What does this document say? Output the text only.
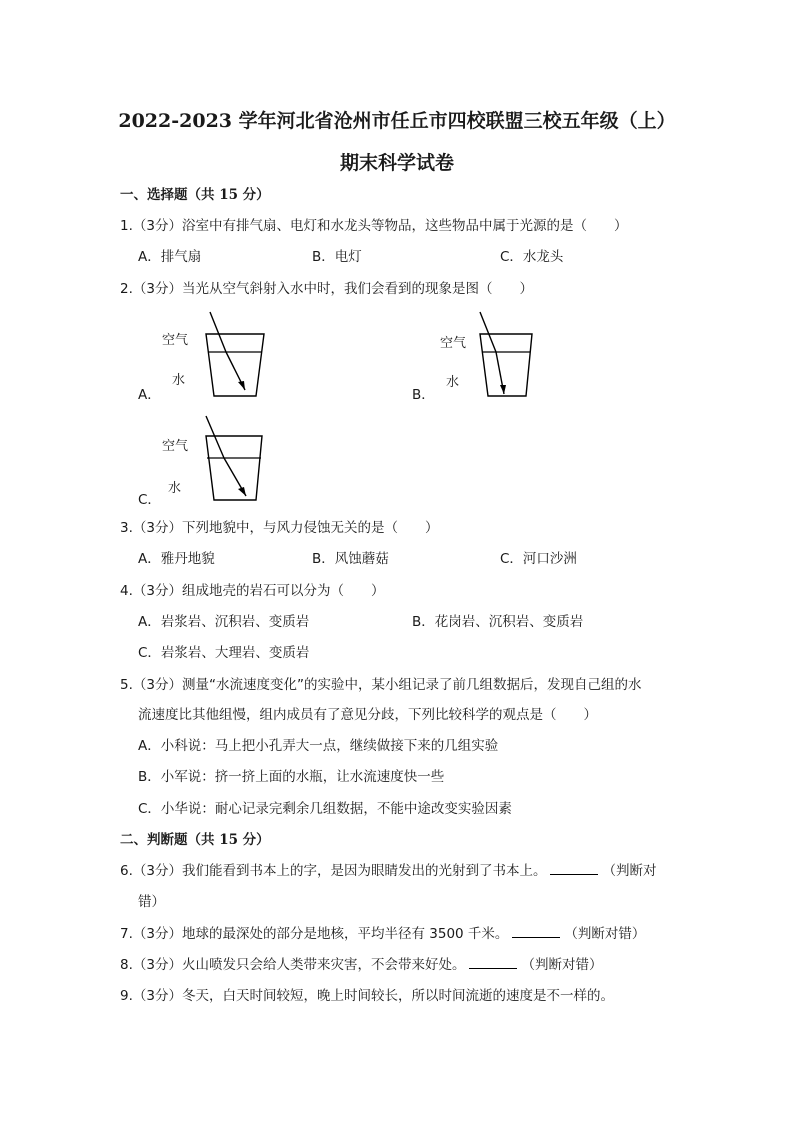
2022-2023 学年河北省沧州市任丘市四校联盟三校五年级（上）
期末科学试卷
一、选择题（共 15 分）
1.（3分）浴室中有排气扇、电灯和水龙头等物品，这些物品中属于光源的是（　　）
A．排气扇	B．电灯	C．水龙头
2.（3分）当光从空气斜射入水中时，我们会看到的现象是图（　　）
空气
水
A．
空气
水
B．
空气
水
C．
3.（3分）下列地貌中，与风力侵蚀无关的是（　　）
A．雅丹地貌	B．风蚀蘑菇	C．河口沙洲
4.（3分）组成地壳的岩石可以分为（　　）
A．岩浆岩、沉积岩、变质岩	B．花岗岩、沉积岩、变质岩
C．岩浆岩、大理岩、变质岩
5.（3分）测量“水流速度变化”的实验中，某小组记录了前几组数据后，发现自己组的水
流速度比其他组慢，组内成员有了意见分歧，下列比较科学的观点是（　　）
A．小科说：马上把小孔弄大一点，继续做接下来的几组实验
B．小军说：挤一挤上面的水瓶，让水流速度快一些
C．小华说：耐心记录完剩余几组数据，不能中途改变实验因素
二、判断题（共 15 分）
6.（3分）我们能看到书本上的字，是因为眼睛发出的光射到了书本上。	（判断对
错）
7.（3分）地球的最深处的部分是地核，平均半径有 3500 千米。	（判断对错）
8.（3分）火山喷发只会给人类带来灾害，不会带来好处。	（判断对错）
9.（3分）冬天，白天时间较短，晚上时间较长，所以时间流逝的速度是不一样的。
